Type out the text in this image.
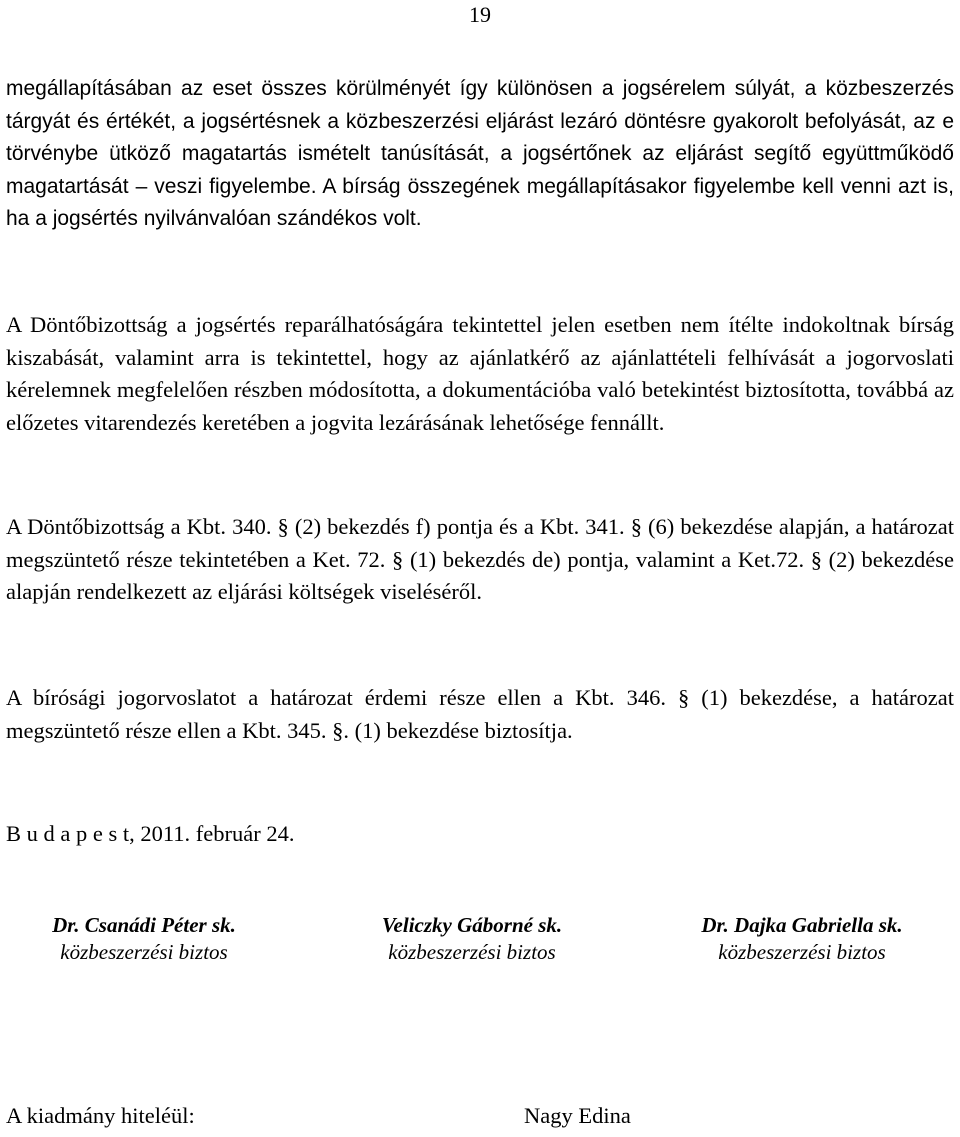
19

megállapításában az eset összes körülményét így különösen a jogsérelem súlyát, a közbeszerzés tárgyát és értékét, a jogsértésnek a közbeszerzési eljárást lezáró döntésre gyakorolt befolyását, az e törvénybe ütköző magatartás ismételt tanúsítását, a jogsértőnek az eljárást segítő együttműködő magatartását – veszi figyelembe. A bírság összegének megállapításakor figyelembe kell venni azt is, ha a jogsértés nyilvánvalóan szándékos volt.

A Döntőbizottság a jogsértés reparálhatóságára tekintettel jelen esetben nem ítélte indokoltnak bírság kiszabását, valamint arra is tekintettel, hogy az ajánlatkérő az ajánlattételi felhívását a jogorvoslati kérelemnek megfelelően részben módosította, a dokumentációba való betekintést biztosította, továbbá az előzetes vitarendezés keretében a jogvita lezárásának lehetősége fennállt.

A Döntőbizottság a Kbt. 340. § (2) bekezdés f) pontja és a Kbt. 341. § (6) bekezdése alapján, a határozat megszüntető része tekintetében a Ket. 72. § (1) bekezdés de) pontja, valamint a Ket.72. § (2) bekezdése alapján rendelkezett az eljárási költségek viseléséről.

A bírósági jogorvoslatot a határozat érdemi része ellen a Kbt. 346. § (1) bekezdése, a határozat megszüntető része ellen a Kbt. 345. §. (1) bekezdése biztosítja.

B u d a p e s t, 2011. február 24.
Dr. Csanádi Péter sk.
közbeszerzési biztos
Veliczky Gáborné sk.
közbeszerzési biztos
Dr. Dajka Gabriella sk.
közbeszerzési biztos
A kiadmány hiteléül:	Nagy Edina
